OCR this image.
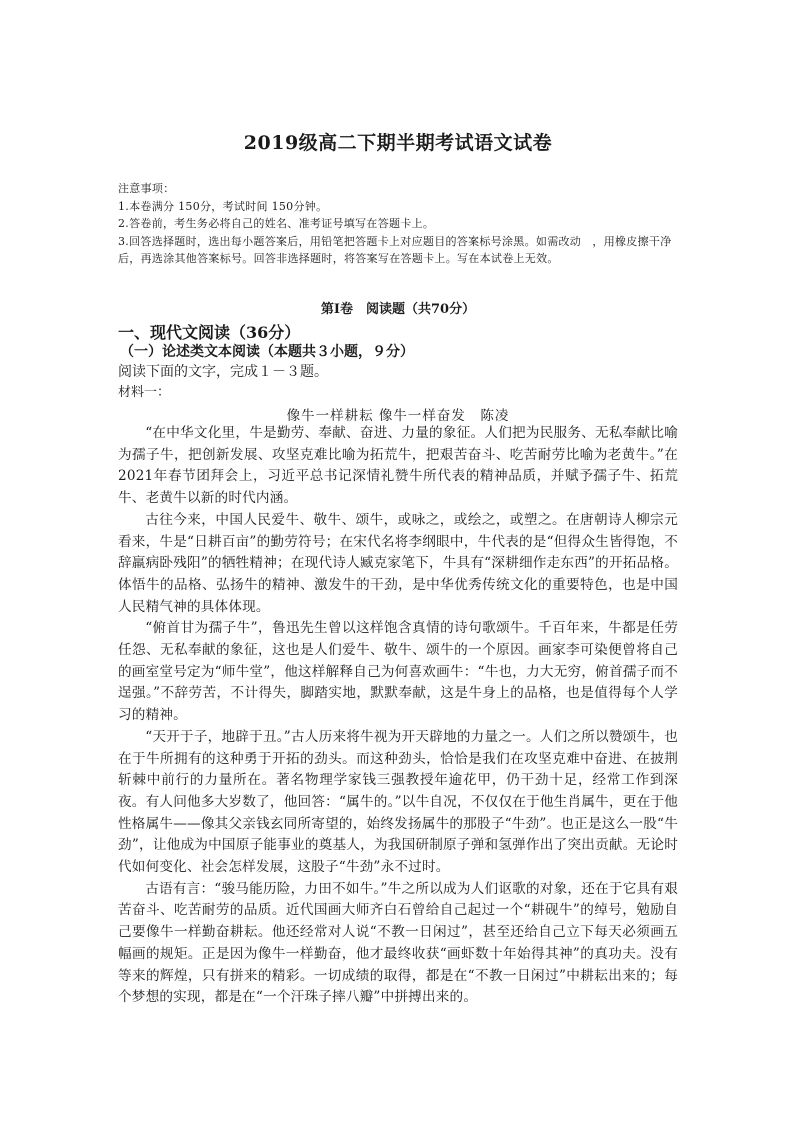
2019级高二下期半期考试语文试卷

注意事项：

1.本卷满分 150分，考试时间 150分钟。

2.答卷前，考生务必将自己的姓名、准考证号填写在答题卡上。

3.回答选择题时，选出每小题答案后，用铅笔把答题卡上对应题目的答案标号涂黑。如需改动　，用橡皮擦干净后，再选涂其他答案标号。回答非选择题时，将答案写在答题卡上。写在本试卷上无效。

第Ⅰ卷　阅读题（共70分）
一、现代文阅读（36分）
（一）论述类文本阅读（本题共３小题，９分）
阅读下面的文字，完成１－３题。
材料一：
像牛一样耕耘 像牛一样奋发　陈凌

“在中华文化里，牛是勤劳、奉献、奋进、力量的象征。人们把为民服务、无私奉献比喻为孺子牛，把创新发展、攻坚克难比喻为拓荒牛，把艰苦奋斗、吃苦耐劳比喻为老黄牛。”在 2021年春节团拜会上，习近平总书记深情礼赞牛所代表的精神品质，并赋予孺子牛、拓荒牛、老黄牛以新的时代内涵。

古往今来，中国人民爱牛、敬牛、颂牛，或咏之，或绘之，或塑之。在唐朝诗人柳宗元看来，牛是“日耕百亩”的勤劳符号；在宋代名将李纲眼中，牛代表的是“但得众生皆得饱，不辞羸病卧残阳”的牺牲精神；在现代诗人臧克家笔下，牛具有“深耕细作走东西”的开拓品格。体悟牛的品格、弘扬牛的精神、激发牛的干劲，是中华优秀传统文化的重要特色，也是中国人民精气神的具体体现。

“俯首甘为孺子牛”，鲁迅先生曾以这样饱含真情的诗句歌颂牛。千百年来，牛都是任劳任怨、无私奉献的象征，这也是人们爱牛、敬牛、颂牛的一个原因。画家李可染便曾将自己的画室堂号定为“师牛堂”，他这样解释自己为何喜欢画牛：“牛也，力大无穷，俯首孺子而不逞强。”不辞劳苦，不计得失，脚踏实地，默默奉献，这是牛身上的品格，也是值得每个人学习的精神。

“天开于子，地辟于丑。”古人历来将牛视为开天辟地的力量之一。人们之所以赞颂牛，也在于牛所拥有的这种勇于开拓的劲头。而这种劲头，恰恰是我们在攻坚克难中奋进、在披荆斩棘中前行的力量所在。著名物理学家钱三强教授年逾花甲，仍干劲十足，经常工作到深夜。有人问他多大岁数了，他回答：“属牛的。”以牛自况，不仅仅在于他生肖属牛，更在于他性格属牛——像其父亲钱玄同所寄望的，始终发扬属牛的那股子“牛劲”。也正是这么一股“牛劲”，让他成为中国原子能事业的奠基人，为我国研制原子弹和氢弹作出了突出贡献。无论时代如何变化、社会怎样发展，这股子“牛劲”永不过时。

古语有言：“骏马能历险，力田不如牛。”牛之所以成为人们讴歌的对象，还在于它具有艰苦奋斗、吃苦耐劳的品质。近代国画大师齐白石曾给自己起过一个“耕砚牛”的绰号，勉励自己要像牛一样勤奋耕耘。他还经常对人说“不教一日闲过”，甚至还给自己立下每天必须画五幅画的规矩。正是因为像牛一样勤奋，他才最终收获“画虾数十年始得其神”的真功夫。没有等来的辉煌，只有拼来的精彩。一切成绩的取得，都是在“不教一日闲过”中耕耘出来的；每个梦想的实现，都是在“一个汗珠子摔八瓣”中拼搏出来的。
